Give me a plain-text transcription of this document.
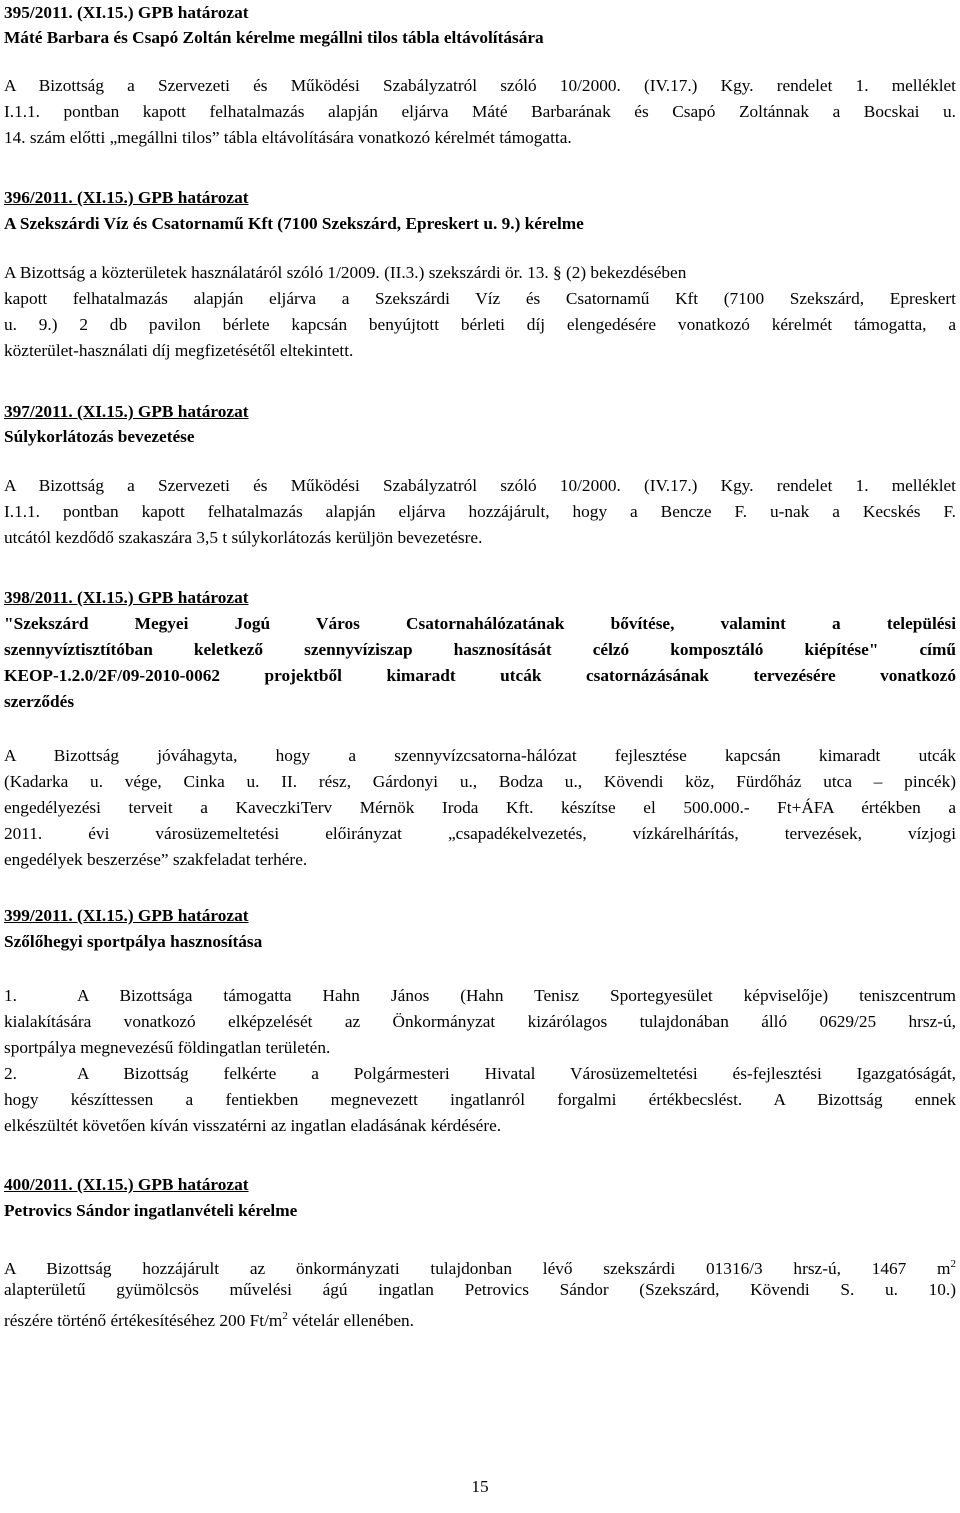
395/2011. (XI.15.) GPB határozat
Máté Barbara és Csapó Zoltán kérelme megállni tilos tábla eltávolítására
A Bizottság a Szervezeti és Működési Szabályzatról szóló 10/2000. (IV.17.) Kgy. rendelet 1. melléklet
I.1.1. pontban kapott felhatalmazás alapján eljárva Máté Barbarának és Csapó Zoltánnak a Bocskai u.
14. szám előtti „megállni tilos” tábla eltávolítására vonatkozó kérelmét támogatta.
396/2011. (XI.15.) GPB határozat
A Szekszárdi Víz és Csatornamű Kft (7100 Szekszárd, Epreskert u. 9.) kérelme
A Bizottság a közterületek használatáról szóló 1/2009. (II.3.) szekszárdi ör. 13. § (2) bekezdésében
kapott felhatalmazás alapján eljárva a Szekszárdi Víz és Csatornamű Kft (7100 Szekszárd, Epreskert
u. 9.) 2 db pavilon bérlete kapcsán benyújtott bérleti díj elengedésére vonatkozó kérelmét támogatta, a
közterület-használati díj megfizetésétől eltekintett.
397/2011. (XI.15.) GPB határozat
Súlykorlátozás bevezetése
A Bizottság a Szervezeti és Működési Szabályzatról szóló 10/2000. (IV.17.) Kgy. rendelet 1. melléklet
I.1.1. pontban kapott felhatalmazás alapján eljárva hozzájárult, hogy a Bencze F. u-nak a Kecskés F.
utcától kezdődő szakaszára 3,5 t súlykorlátozás kerüljön bevezetésre.
398/2011. (XI.15.) GPB határozat
"Szekszárd Megyei Jogú Város Csatornahálózatának bővítése, valamint a települési
szennyvíztisztítóban keletkező szennyvíziszap hasznosítását célzó komposztáló kiépítése" című
KEOP-1.2.0/2F/09-2010-0062 projektből kimaradt utcák csatornázásának tervezésére vonatkozó
szerződés
A Bizottság jóváhagyta, hogy a szennyvízcsatorna-hálózat fejlesztése kapcsán kimaradt utcák
(Kadarka u. vége, Cinka u. II. rész, Gárdonyi u., Bodza u., Kövendi köz, Fürdőház utca – pincék)
engedélyezési terveit a KaveczkiTerv Mérnök Iroda Kft. készítse el 500.000.- Ft+ÁFA értékben a
2011. évi városüzemeltetési előirányzat „csapadékelvezetés, vízkárelhárítás, tervezések, vízjogi
engedélyek beszerzése” szakfeladat terhére.
399/2011. (XI.15.) GPB határozat
Szőlőhegyi sportpálya hasznosítása
1.	A Bizottsága támogatta Hahn János (Hahn Tenisz Sportegyesület képviselője) teniszcentrum
kialakítására vonatkozó elképzelését az Önkormányzat kizárólagos tulajdonában álló 0629/25 hrsz-ú,
sportpálya megnevezésű földingatlan területén.
2.	A Bizottság felkérte a Polgármesteri Hivatal Városüzemeltetési és-fejlesztési Igazgatóságát,
hogy készíttessen a fentiekben megnevezett ingatlanról forgalmi értékbecslést. A Bizottság ennek
elkészültét követően kíván visszatérni az ingatlan eladásának kérdésére.
400/2011. (XI.15.) GPB határozat
Petrovics Sándor ingatlanvételi kérelme
A Bizottság hozzájárult az önkormányzati tulajdonban lévő szekszárdi 01316/3 hrsz-ú, 1467 $m^2$
alapterületű gyümölcsös művelési ágú ingatlan Petrovics Sándor (Szekszárd, Kövendi S. u. 10.)
részére történő értékesítéséhez 200 $Ft/m^2$ vételár ellenében.
15
